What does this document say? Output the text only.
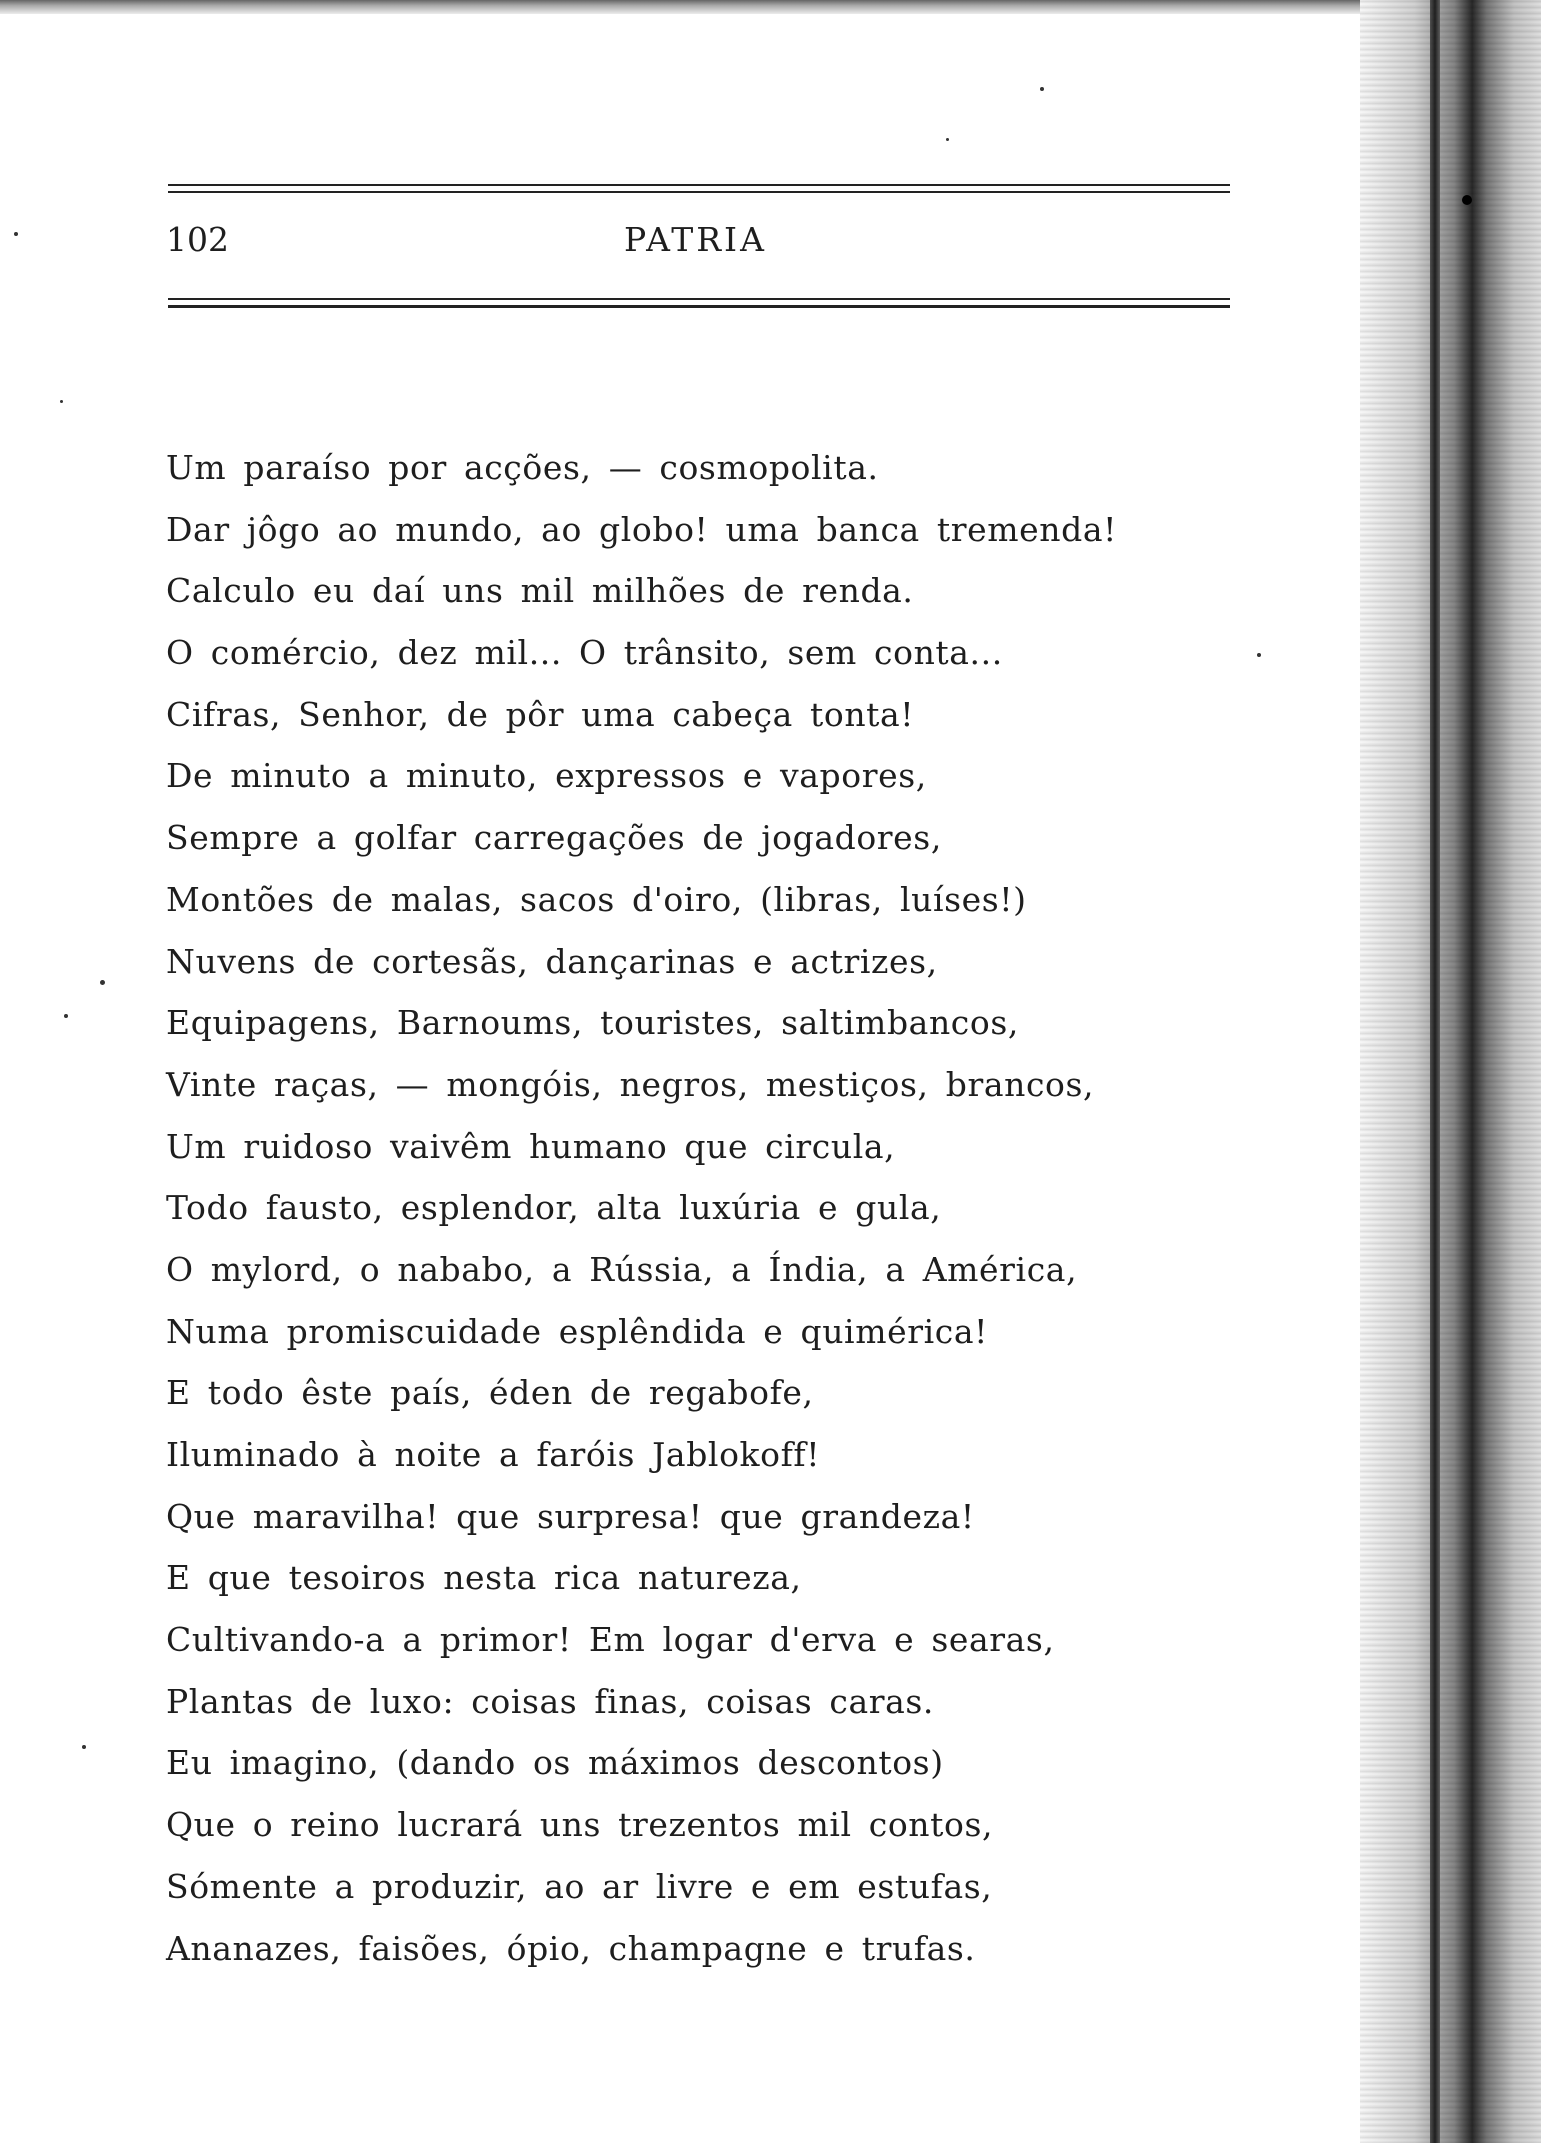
102	PATRIA
Um paraíso por acções, — cosmopolita.
Dar jôgo ao mundo, ao globo! uma banca tremenda!
Calculo eu daí uns mil milhões de renda.
O comércio, dez mil... O trânsito, sem conta...
Cifras, Senhor, de pôr uma cabeça tonta!
De minuto a minuto, expressos e vapores,
Sempre a golfar carregações de jogadores,
Montões de malas, sacos d'oiro, (libras, luíses!)
Nuvens de cortesãs, dançarinas e actrizes,
Equipagens, Barnoums, touristes, saltimbancos,
Vinte raças, — mongóis, negros, mestiços, brancos,
Um ruidoso vaivêm humano que circula,
Todo fausto, esplendor, alta luxúria e gula,
O mylord, o nababo, a Rússia, a Índia, a América,
Numa promiscuidade esplêndida e quimérica!
E todo êste país, éden de regabofe,
Iluminado à noite a faróis Jablokoff!
Que maravilha! que surpresa! que grandeza!
E que tesoiros nesta rica natureza,
Cultivando-a a primor! Em logar d'erva e searas,
Plantas de luxo: coisas finas, coisas caras.
Eu imagino, (dando os máximos descontos)
Que o reino lucrará uns trezentos mil contos,
Sómente a produzir, ao ar livre e em estufas,
Ananazes, faisões, ópio, champagne e trufas.
